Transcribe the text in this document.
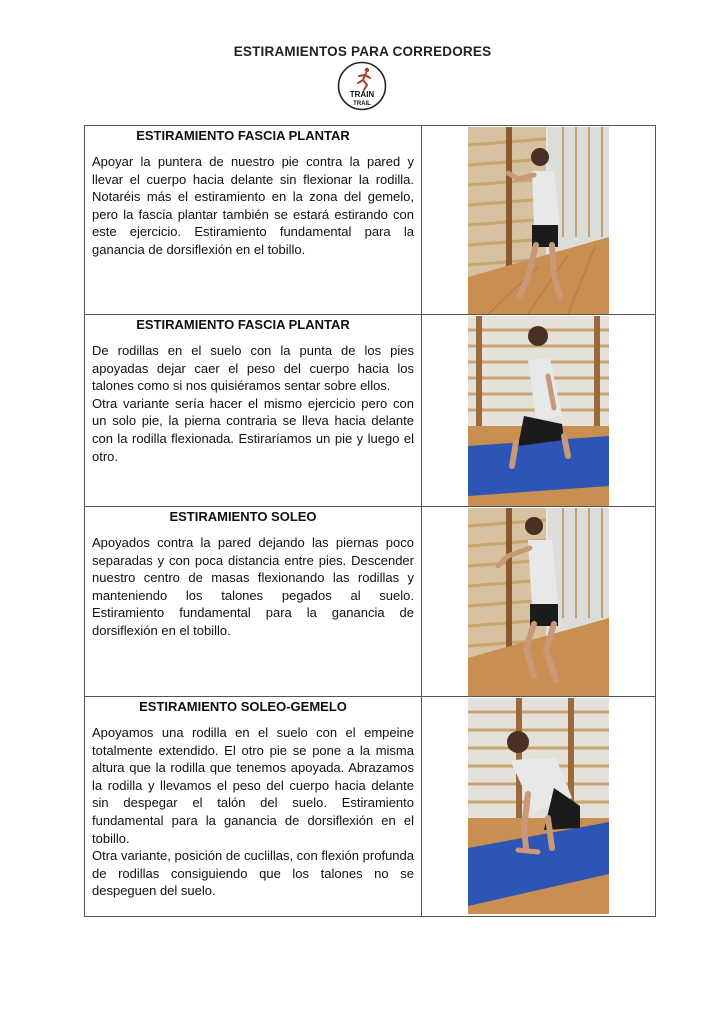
ESTIRAMIENTOS PARA CORREDORES
TRAIN
TRAIL
ESTIRAMIENTO FASCIA PLANTAR

Apoyar la puntera de nuestro pie contra la pared y llevar el cuerpo hacia delante sin flexionar la rodilla. Notaréis más el estiramiento en la zona del gemelo, pero la fascia plantar también se estará estirando con este ejercicio. Estiramiento fundamental para la ganancia de dorsiflexión en el tobillo.

ESTIRAMIENTO FASCIA PLANTAR

De rodillas en el suelo con la punta de los pies apoyadas dejar caer el peso del cuerpo hacia los talones como si nos quisiéramos sentar sobre ellos.

Otra variante sería hacer el mismo ejercicio pero con un solo pie, la pierna contraria se lleva hacia delante con la rodilla flexionada. Estiraríamos un pie y luego el otro.

ESTIRAMIENTO SOLEO

Apoyados contra la pared dejando las piernas poco separadas y con poca distancia entre pies. Descender nuestro centro de masas flexionando las rodillas y manteniendo los talones pegados al suelo. Estiramiento fundamental para la ganancia de dorsiflexión en el tobillo.

ESTIRAMIENTO SOLEO-GEMELO

Apoyamos una rodilla en el suelo con el empeine totalmente extendido. El otro pie se pone a la misma altura que la rodilla que tenemos apoyada. Abrazamos la rodilla y llevamos el peso del cuerpo hacia delante sin despegar el talón del suelo. Estiramiento fundamental para la ganancia de dorsiflexión en el tobillo.

Otra variante, posición de cuclillas, con flexión profunda de rodillas consiguiendo que los talones no se despeguen del suelo.
